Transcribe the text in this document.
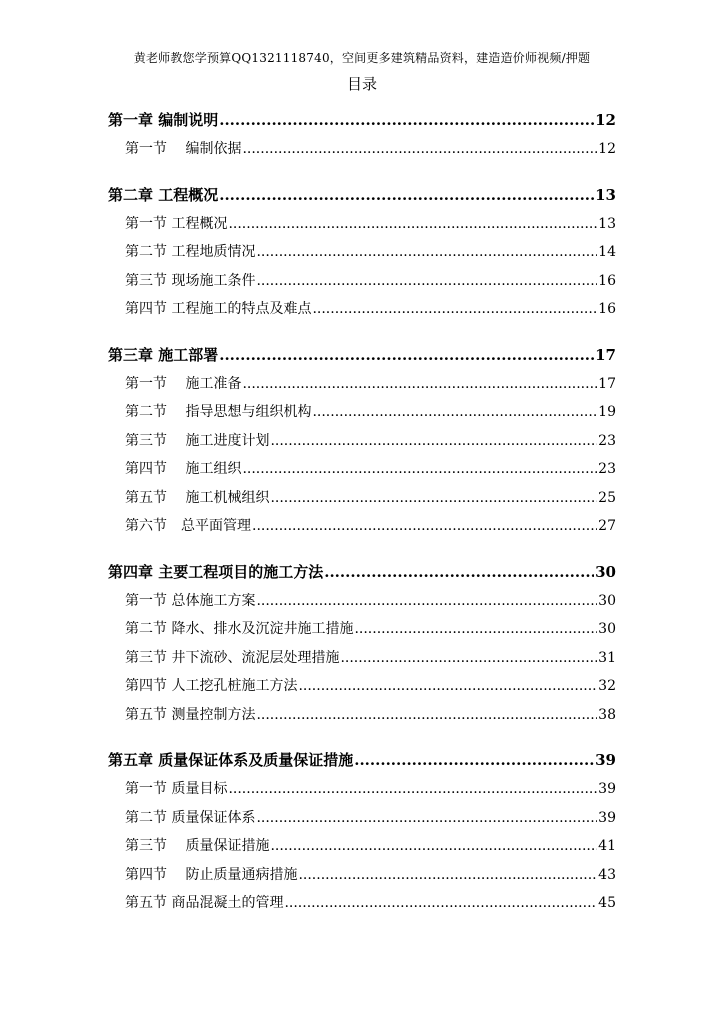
黄老师教您学预算QQ1321118740，空间更多建筑精品资料，建造造价师视频/押题
目录
第一章 编制说明 .....	12
第一节　 编制依据 .....	12
第二章 工程概况 .....	13
第一节 工程概况 .....	13
第二节 工程地质情况 .....	14
第三节 现场施工条件 .....	16
第四节 工程施工的特点及难点 .....	16
第三章 施工部署 .....	17
第一节　 施工准备 .....	17
第二节　 指导思想与组织机构 .....	19
第三节　 施工进度计划 .....	23
第四节　 施工组织 .....	23
第五节　 施工机械组织 .....	25
第六节　总平面管理 .....	27
第四章 主要工程项目的施工方法 .....	30
第一节 总体施工方案 .....	30
第二节 降水、排水及沉淀井施工措施 .....	30
第三节 井下流砂、流泥层处理措施 .....	31
第四节 人工挖孔桩施工方法 .....	32
第五节 测量控制方法 .....	38
第五章 质量保证体系及质量保证措施 .....	39
第一节 质量目标 .....	39
第二节 质量保证体系 .....	39
第三节　 质量保证措施 .....	41
第四节　 防止质量通病措施 .....	43
第五节 商品混凝土的管理 .....	45
